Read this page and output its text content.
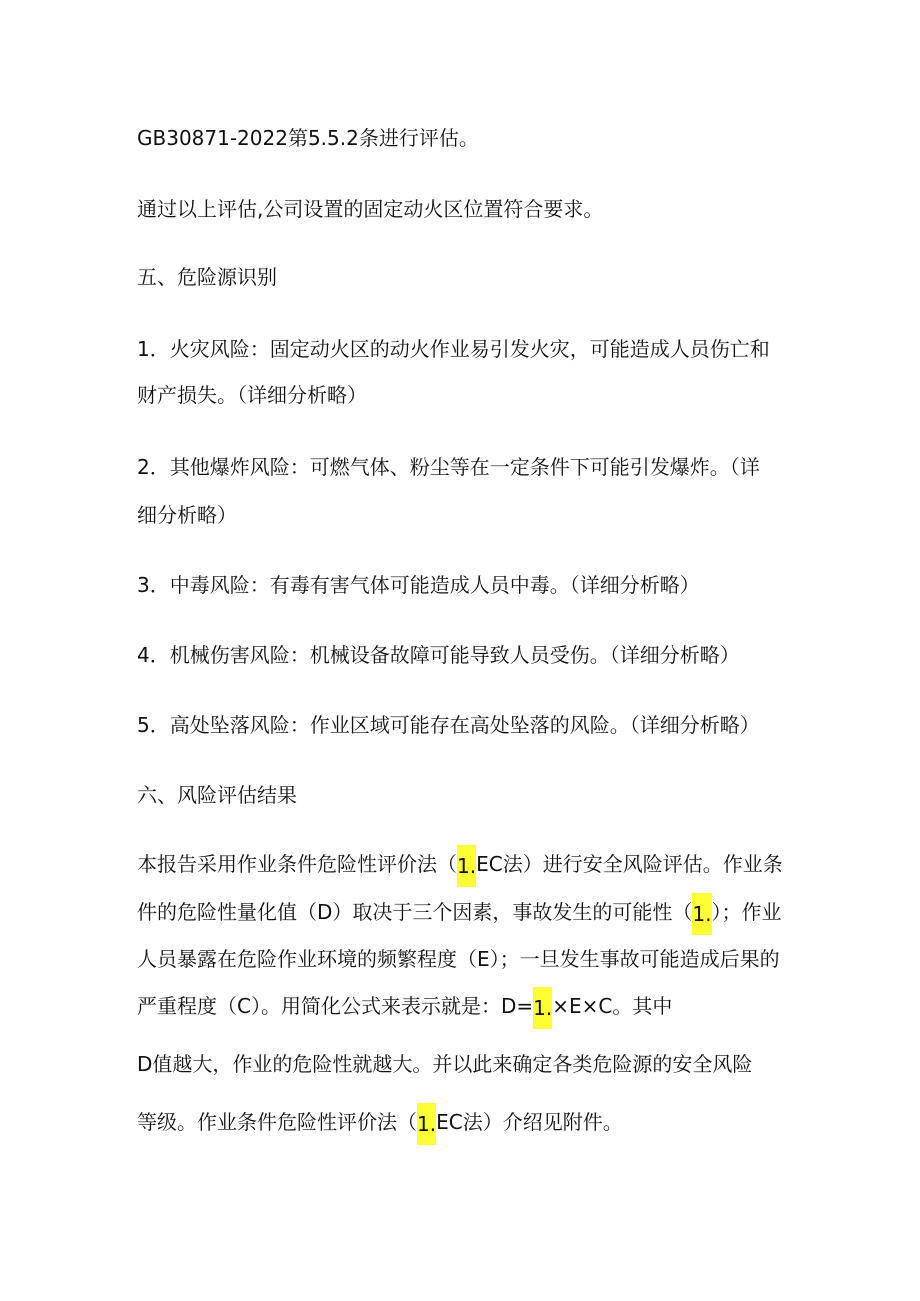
GB30871-2022第5.5.2条进行评估。

通过以上评估,公司设置的固定动火区位置符合要求。

五、危险源识别

1．火灾风险：固定动火区的动火作业易引发火灾，可能造成人员伤亡和

财产损失。（详细分析略）

2．其他爆炸风险：可燃气体、粉尘等在一定条件下可能引发爆炸。（详

细分析略）

3．中毒风险：有毒有害气体可能造成人员中毒。（详细分析略）

4．机械伤害风险：机械设备故障可能导致人员受伤。（详细分析略）

5．高处坠落风险：作业区域可能存在高处坠落的风险。（详细分析略）

六、风险评估结果

本报告采用作业条件危险性评价法（1.EC法）进行安全风险评估。作业条

件的危险性量化值（D）取决于三个因素，事故发生的可能性（1.）；作业

人员暴露在危险作业环境的频繁程度（E）；一旦发生事故可能造成后果的

严重程度（C）。用简化公式来表示就是：D=1.×E×C。其中

D值越大，作业的危险性就越大。并以此来确定各类危险源的安全风险

等级。作业条件危险性评价法（1.EC法）介绍见附件。
